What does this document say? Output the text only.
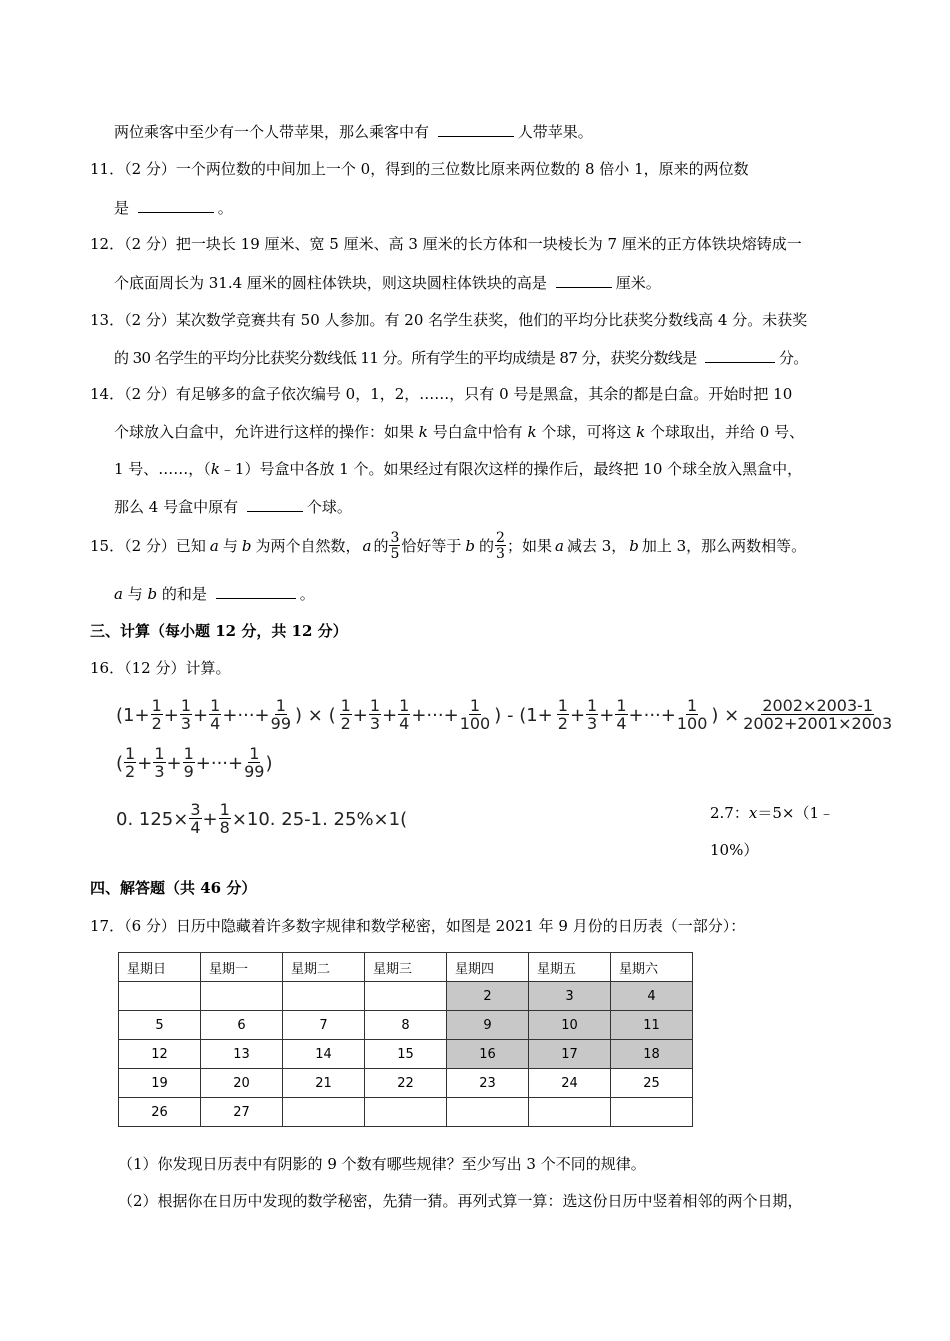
两位乘客中至少有一个人带苹果，那么乘客中有	人带苹果。
11．（2 分）一个两位数的中间加上一个 0，得到的三位数比原来两位数的 8 倍小 1，原来的两位数
是	。
12．（2 分）把一块长 19 厘米、宽 5 厘米、高 3 厘米的长方体和一块棱长为 7 厘米的正方体铁块熔铸成一
个底面周长为 31.4 厘米的圆柱体铁块，则这块圆柱体铁块的高是	厘米。
13．（2 分）某次数学竞赛共有 50 人参加。有 20 名学生获奖，他们的平均分比获奖分数线高 4 分。未获奖
的 30 名学生的平均分比获奖分数线低 11 分。所有学生的平均成绩是 87 分，获奖分数线是	分。
14．（2 分）有足够多的盒子依次编号 0，1，2，……，只有 0 号是黑盒，其余的都是白盒。开始时把 10
个球放入白盒中，允许进行这样的操作：如果 k 号白盒中恰有 k 个球，可将这 k 个球取出，并给 0 号、
1 号、……，（k﹣1）号盒中各放 1 个。如果经过有限次这样的操作后，最终把 10 个球全放入黑盒中，
那么 4 号盒中原有	个球。
15．（2 分） 已知 a 与 b 为两个自然数， a 的 $\frac{3}{5}$ 恰好等于 b 的 $\frac{2}{3}$ ；如果 a 减去 3， b 加上 3，那么两数相等。
a 与 b 的和是	。
三、计算（每小题 12 分，共 12 分）
16．（12 分）计算。
($1+ \frac{1}{2} + \frac{1}{3} + \frac{1}{4}$ +···+ $\frac{1}{99}$ ) × ( $\frac{1}{2} + \frac{1}{3} + \frac{1}{4}$ +···+ $\frac{1}{100}$ ) - ($1+ \frac{1}{2} + \frac{1}{3} + \frac{1}{4}$ +···+ $\frac{1}{100}$ ) × $\frac{2002\times 2003-1}{2002+2001\times 2003}$
( $\frac{1}{2} + \frac{1}{3} + \frac{1}{9}$ +···+ $\frac{1}{99}$ )
0. $125\times \frac{3}{4} + \frac{1}{8} \times 10$. 25-1. 25%×1(	2.7：x＝5×（1﹣
10%）
四、解答题（共 46 分）
17．（6 分）日历中隐藏着许多数字规律和数学秘密，如图是 2021 年 9 月份的日历表（一部分）：
星期日	星期一	星期二	星期三	星期四	星期五	星期六
				2	3	4
5	6	7	8	9	10	11
12	13	14	15	16	17	18
19	20	21	22	23	24	25
26	27					
（1）你发现日历表中有阴影的 9 个数有哪些规律？至少写出 3 个不同的规律。
（2）根据你在日历中发现的数学秘密，先猜一猜。再列式算一算：选这份日历中竖着相邻的两个日期，
